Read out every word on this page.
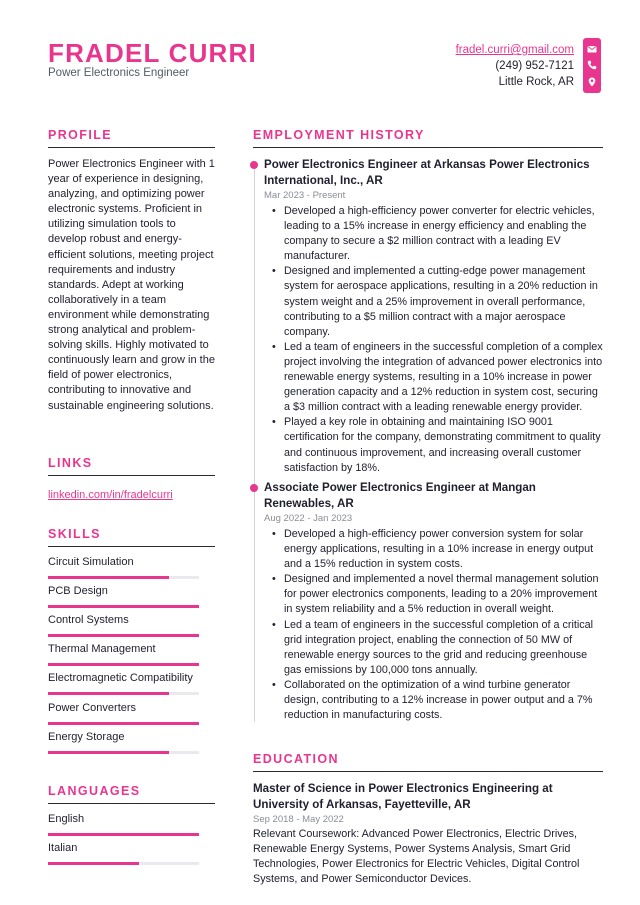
FRADEL CURRI
Power Electronics Engineer
fradel.curri@gmail.com
(249) 952-7121
Little Rock, AR
PROFILE
Power Electronics Engineer with 1 year of experience in designing, analyzing, and optimizing power electronic systems. Proficient in utilizing simulation tools to develop robust and energy-efficient solutions, meeting project requirements and industry standards. Adept at working collaboratively in a team environment while demonstrating strong analytical and problem-solving skills. Highly motivated to continuously learn and grow in the field of power electronics, contributing to innovative and sustainable engineering solutions.
LINKS
linkedin.com/in/fradelcurri
SKILLS
Circuit Simulation
PCB Design
Control Systems
Thermal Management
Electromagnetic Compatibility
Power Converters
Energy Storage
LANGUAGES
English
Italian
EMPLOYMENT HISTORY
Power Electronics Engineer at Arkansas Power Electronics International, Inc., AR
Mar 2023 - Present
• Developed a high-efficiency power converter for electric vehicles, leading to a 15% increase in energy efficiency and enabling the company to secure a $2 million contract with a leading EV manufacturer.
• Designed and implemented a cutting-edge power management system for aerospace applications, resulting in a 20% reduction in system weight and a 25% improvement in overall performance, contributing to a $5 million contract with a major aerospace company.
• Led a team of engineers in the successful completion of a complex project involving the integration of advanced power electronics into renewable energy systems, resulting in a 10% increase in power generation capacity and a 12% reduction in system cost, securing a $3 million contract with a leading renewable energy provider.
• Played a key role in obtaining and maintaining ISO 9001 certification for the company, demonstrating commitment to quality and continuous improvement, and increasing overall customer satisfaction by 18%.
Associate Power Electronics Engineer at Mangan Renewables, AR
Aug 2022 - Jan 2023
• Developed a high-efficiency power conversion system for solar energy applications, resulting in a 10% increase in energy output and a 15% reduction in system costs.
• Designed and implemented a novel thermal management solution for power electronics components, leading to a 20% improvement in system reliability and a 5% reduction in overall weight.
• Led a team of engineers in the successful completion of a critical grid integration project, enabling the connection of 50 MW of renewable energy sources to the grid and reducing greenhouse gas emissions by 100,000 tons annually.
• Collaborated on the optimization of a wind turbine generator design, contributing to a 12% increase in power output and a 7% reduction in manufacturing costs.
EDUCATION
Master of Science in Power Electronics Engineering at University of Arkansas, Fayetteville, AR
Sep 2018 - May 2022
Relevant Coursework: Advanced Power Electronics, Electric Drives, Renewable Energy Systems, Power Systems Analysis, Smart Grid Technologies, Power Electronics for Electric Vehicles, Digital Control Systems, and Power Semiconductor Devices.
